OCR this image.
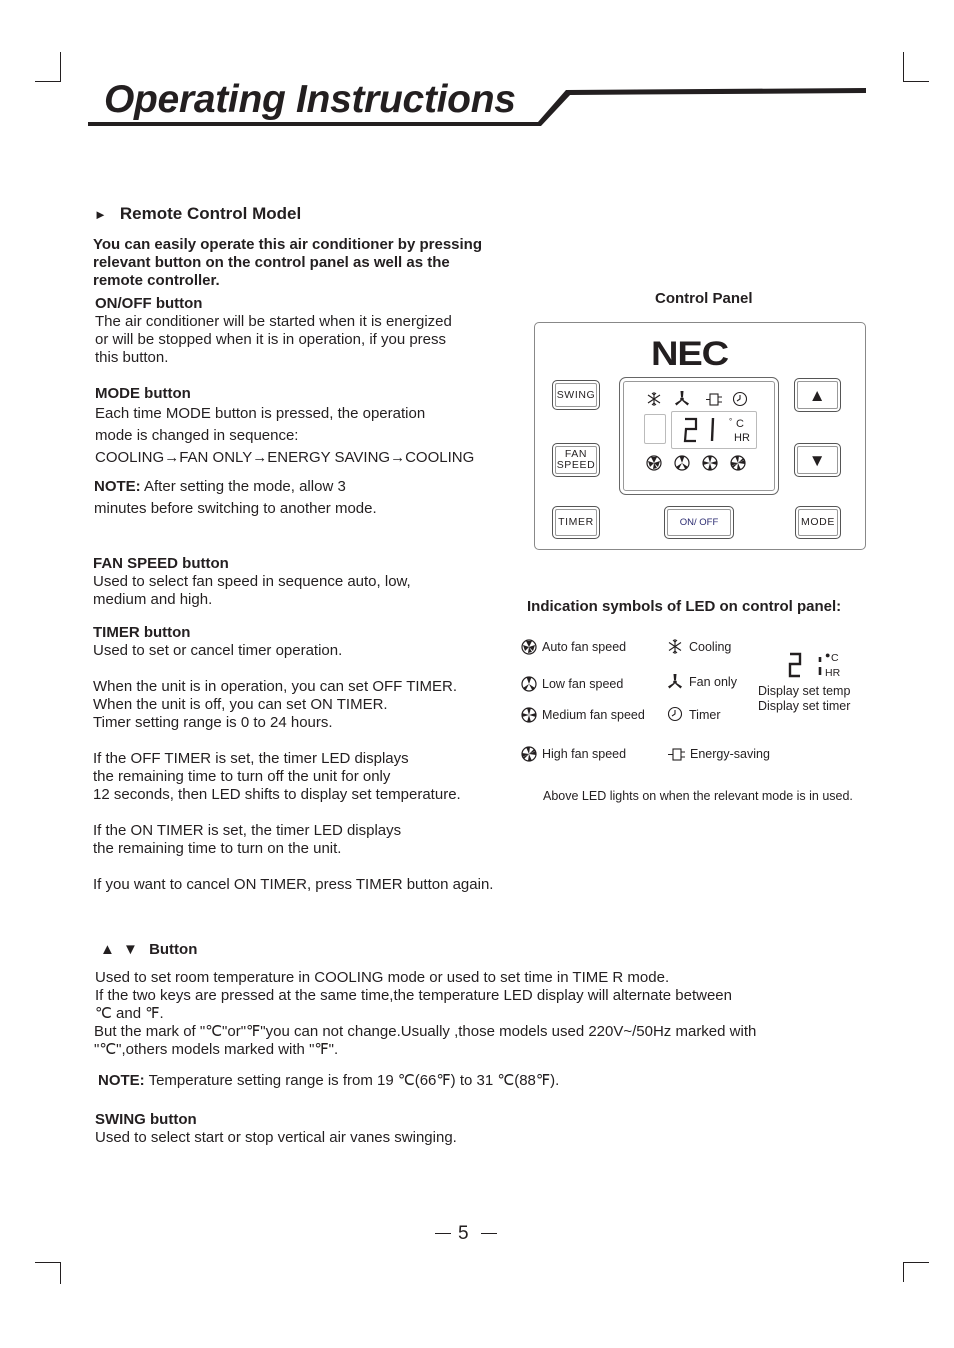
Operating Instructions
► Remote Control Model
You can easily operate this air conditioner by pressing
relevant button on the control panel as well as the
remote controller.
ON/OFF button
The air conditioner will be started when it is energized
or will be stopped when it is in operation, if you press
this button.
MODE button
Each time MODE button is pressed, the operation
mode is changed in sequence:
COOLING→FAN ONLY→ENERGY SAVING→COOLING
NOTE: After setting the mode, allow 3
minutes before switching to another mode.
FAN SPEED button
Used to select fan speed in sequence auto, low,
medium and high.
TIMER button
Used to set or cancel timer operation.
When the unit is in operation, you can set OFF TIMER.
When the unit is off, you can set ON TIMER.
Timer setting range is 0 to 24 hours.
If the OFF TIMER is set, the timer LED displays
the remaining time to turn off the unit for only
12 seconds, then LED shifts to display set temperature.
If the ON TIMER is set, the timer LED displays
the remaining time to turn on the unit.
If you want to cancel ON TIMER, press TIMER button again.
▲ ▼ Button
Used to set room temperature in COOLING mode or used to set time in TIME R mode.
If the two keys are pressed at the same time,the temperature LED display will alternate between
℃ and ℉.
But the mark of "℃"or"℉"you can not change.Usually ,those models used 220V~/50Hz marked with
"℃",others models marked with "℉".
NOTE: Temperature setting range is from 19 ℃(66℉) to 31 ℃(88℉).
SWING button
Used to select start or stop vertical air vanes swinging.
Control Panel
NEC
SWING
FAN
SPEED
TIMER	ON/ OFF	MODE
▲
▼
° C
HR
Indication symbols of LED on control panel:
Auto fan speed
Low fan speed
Medium fan speed
High fan speed
Cooling
Fan only
Timer
Energy-saving
● C
HR
Display set temp
Display set timer
Above LED lights on when the relevant mode is in used.
5
